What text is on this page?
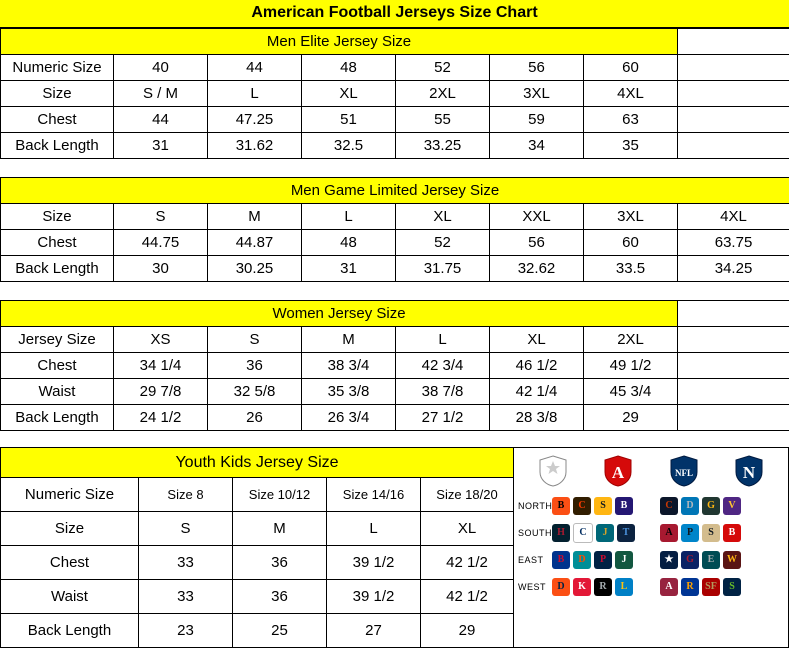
American Football Jerseys Size Chart
Men Elite Jersey Size							
Numeric Size	40	44	48	52	56	60	
Size	S / M	L	XL	2XL	3XL	4XL	
Chest	44	47.25	51	55	59	63	
Back Length	31	31.62	32.5	33.25	34	35	
Men Game Limited Jersey Size							
Size	S	M	L	XL	XXL	3XL	4XL
Chest	44.75	44.87	48	52	56	60	63.75
Back Length	30	30.25	31	31.75	32.62	33.5	34.25
Women Jersey Size							
Jersey Size	XS	S	M	L	XL	2XL	
Chest	34 1/4	36	38 3/4	42 3/4	46 1/2	49 1/2	
Waist	29 7/8	32 5/8	35 3/8	38 7/8	42 1/4	45 3/4	
Back Length	24 1/2	26	26 3/4	27 1/2	28 3/8	29	
Youth Kids Jersey Size				
Numeric Size	Size 8	Size 10/12	Size 14/16	Size 18/20
Size	S	M	L	XL
Chest	33	36	39 1/2	42 1/2
Waist	33	36	39 1/2	42 1/2
Back Length	23	25	27	29
A	NFL	N
NORTH B C S B	C D G V
SOUTH H C J T	A P S B
EAST	B D P J	★ G E W
WEST	D K R L	A R SF S
